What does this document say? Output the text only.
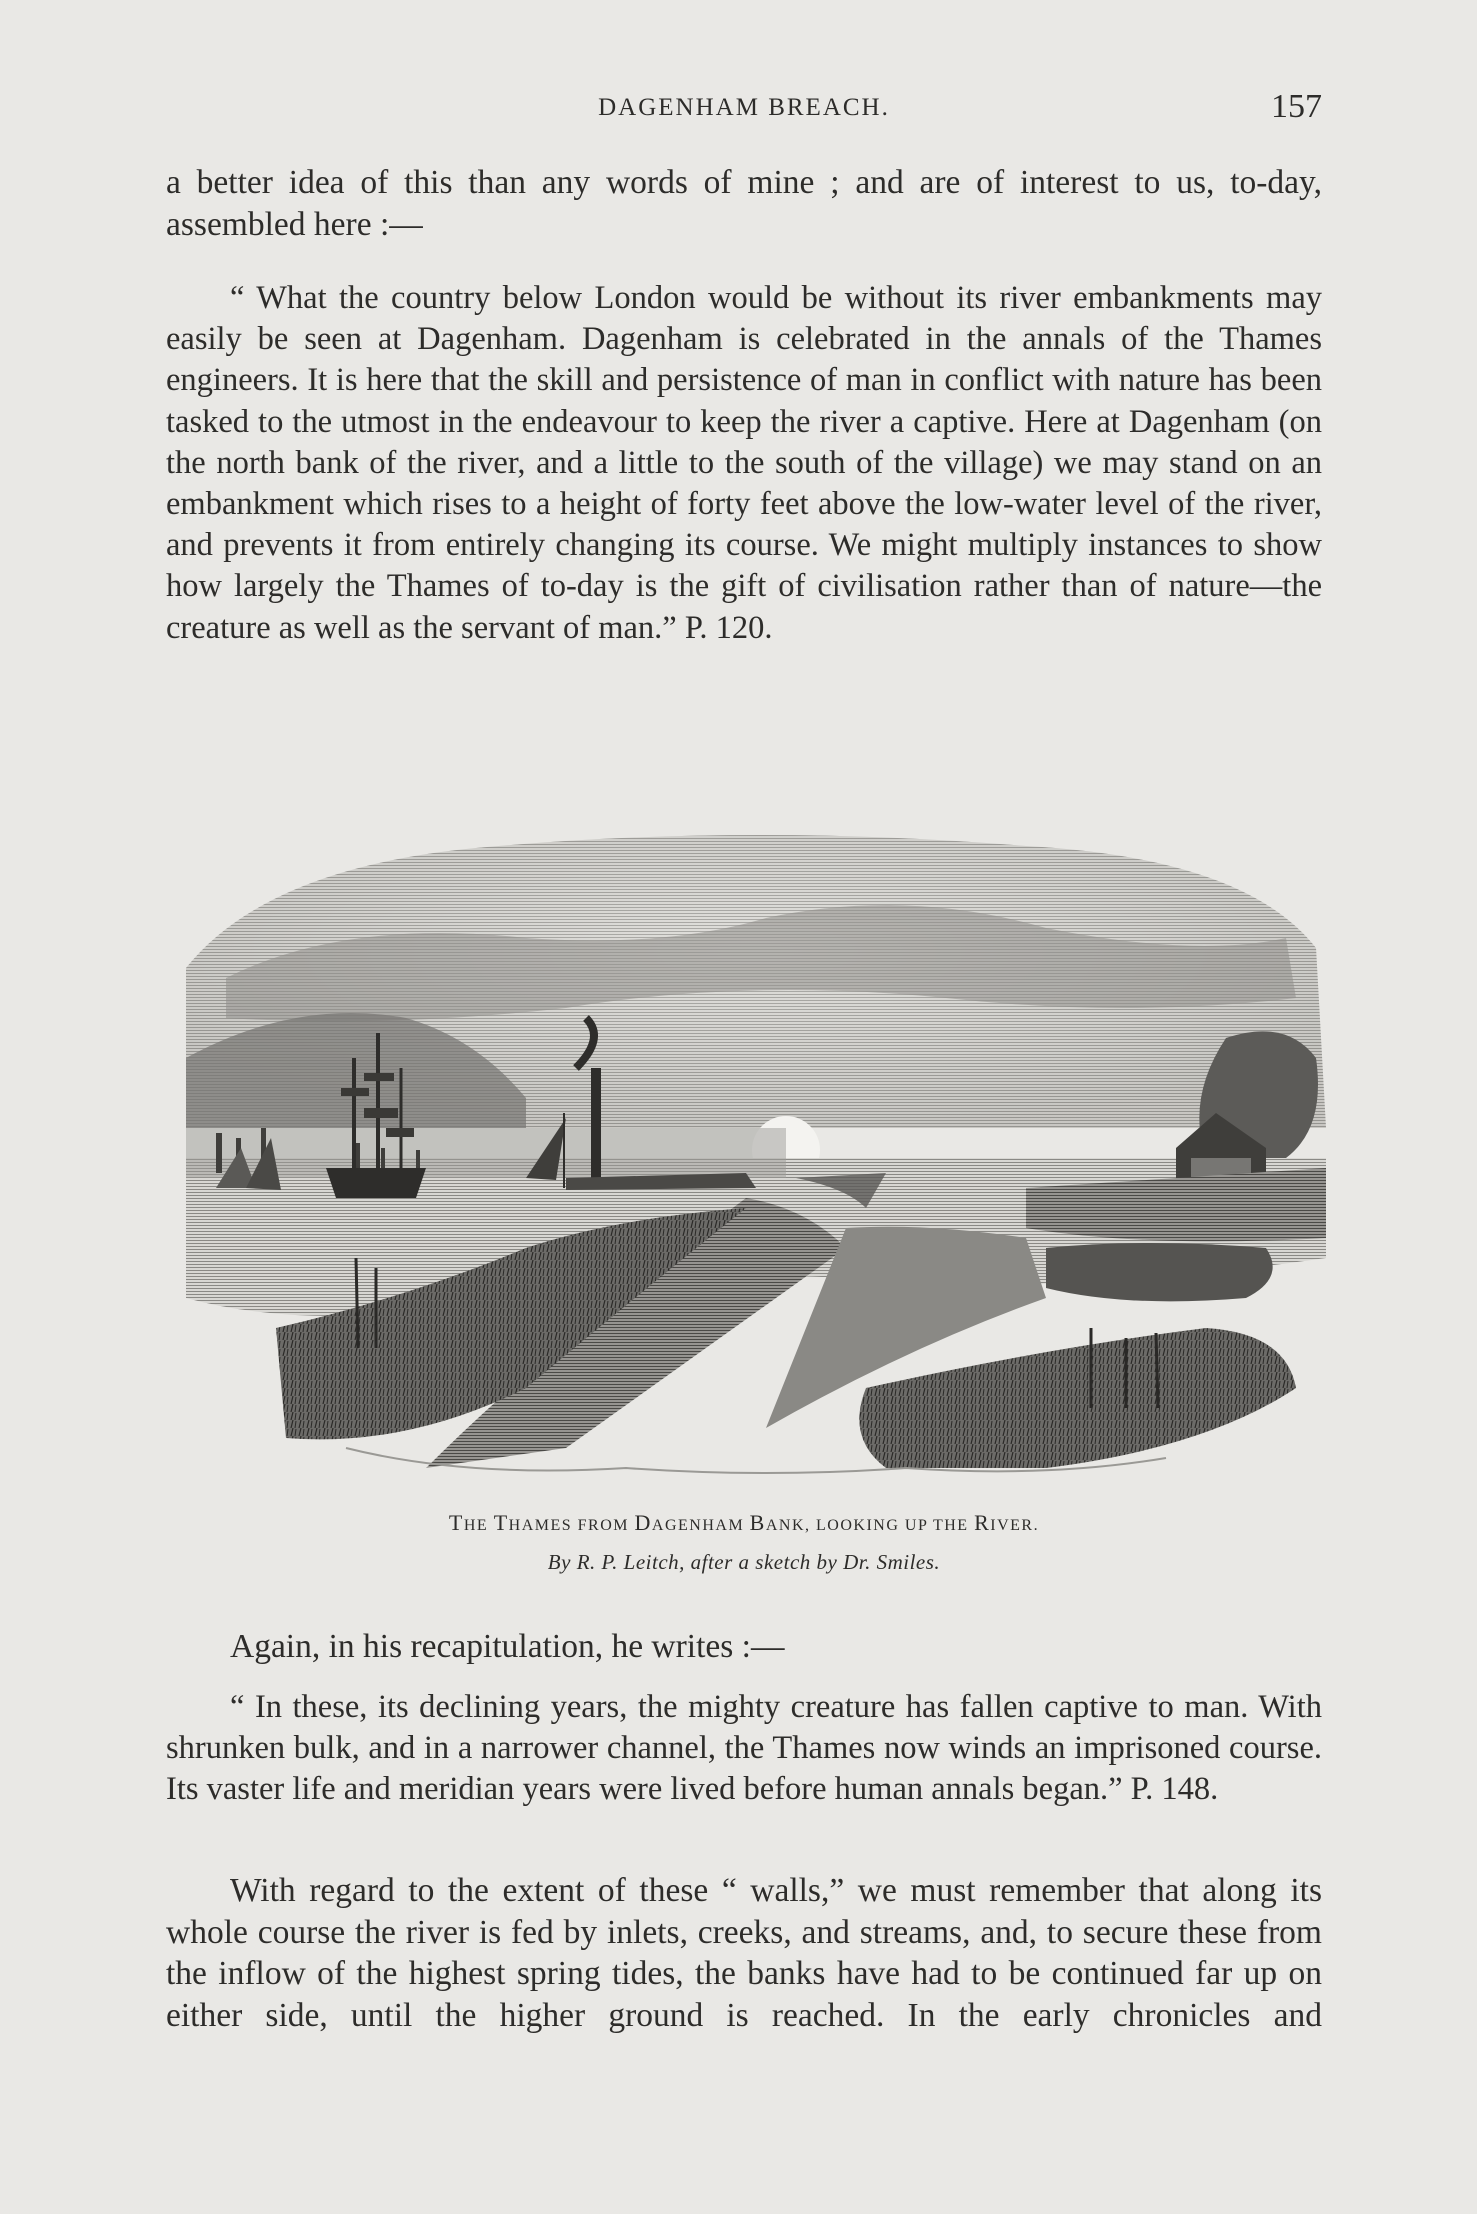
DAGENHAM BREACH.	157

a better idea of this than any words of mine ; and are of interest to us, to-day, assembled here :—

“ What the country below London would be without its river embankments may easily be seen at Dagenham. Dagenham is celebrated in the annals of the Thames engineers. It is here that the skill and persistence of man in conflict with nature has been tasked to the utmost in the endeavour to keep the river a captive. Here at Dagenham (on the north bank of the river, and a little to the south of the village) we may stand on an embankment which rises to a height of forty feet above the low-water level of the river, and prevents it from entirely changing its course. We might multiply instances to show how largely the Thames of to-day is the gift of civilisation rather than of nature—the creature as well as the servant of man.” P. 120.

THE THAMES FROM DAGENHAM BANK, LOOKING UP THE RIVER.
By R. P. Leitch, after a sketch by Dr. Smiles.

Again, in his recapitulation, he writes :—

“ In these, its declining years, the mighty creature has fallen captive to man. With shrunken bulk, and in a narrower channel, the Thames now winds an imprisoned course. Its vaster life and meridian years were lived before human annals began.” P. 148.

With regard to the extent of these “ walls,” we must remember that along its whole course the river is fed by inlets, creeks, and streams, and, to secure these from the inflow of the highest spring tides, the banks have had to be continued far up on either side, until the higher ground is reached. In the early chronicles and
